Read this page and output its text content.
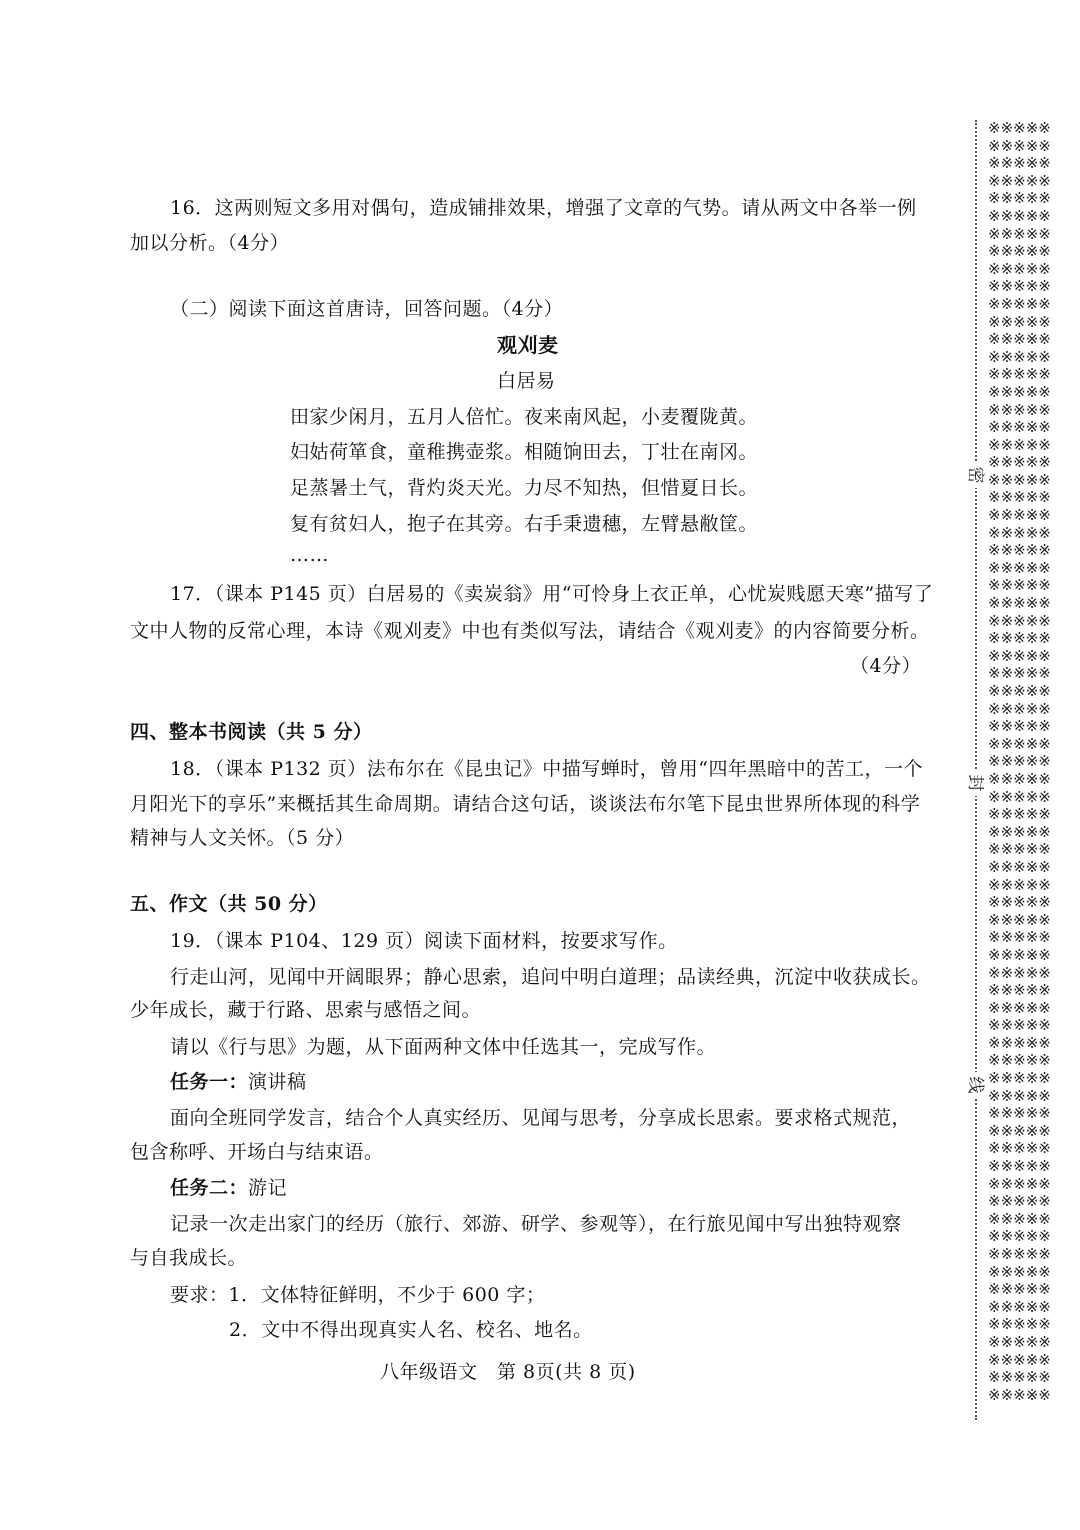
16．这两则短文多用对偶句，造成铺排效果，增强了文章的气势。请从两文中各举一例
加以分析。（4分）
（二）阅读下面这首唐诗，回答问题。（4分）
观刈麦
白居易
田家少闲月，五月人倍忙。夜来南风起，小麦覆陇黄。
妇姑荷箪食，童稚携壶浆。相随饷田去，丁壮在南冈。
足蒸暑土气，背灼炎天光。力尽不知热，但惜夏日长。
复有贫妇人，抱子在其旁。右手秉遗穗，左臂悬敝筐。
……
17．（课本 P145 页）白居易的《卖炭翁》用“可怜身上衣正单，心忧炭贱愿天寒”描写了
文中人物的反常心理，本诗《观刈麦》中也有类似写法，请结合《观刈麦》的内容简要分析。
（4分）
四、整本书阅读（共 5 分）
18．（课本 P132 页）法布尔在《昆虫记》中描写蝉时，曾用“四年黑暗中的苦工，一个
月阳光下的享乐”来概括其生命周期。请结合这句话，谈谈法布尔笔下昆虫世界所体现的科学
精神与人文关怀。（5 分）
五、作文（共 50 分）
19．（课本 P104、129 页）阅读下面材料，按要求写作。
行走山河，见闻中开阔眼界；静心思索，追问中明白道理；品读经典，沉淀中收获成长。
少年成长，藏于行路、思索与感悟之间。
请以《行与思》为题，从下面两种文体中任选其一，完成写作。
任务一：演讲稿
面向全班同学发言，结合个人真实经历、见闻与思考，分享成长思索。要求格式规范，
包含称呼、开场白与结束语。
任务二：游记
记录一次走出家门的经历（旅行、郊游、研学、参观等），在行旅见闻中写出独特观察
与自我成长。
要求：1．文体特征鲜明，不少于 600 字；
2．文中不得出现真实人名、校名、地名。
八年级语文　第 8页(共 8 页)
※※※※※
※※※※※
※※※※※
※※※※※
※※※※※
※※※※※
※※※※※
※※※※※
※※※※※
※※※※※
※※※※※
※※※※※
※※※※※
※※※※※
※※※※※
※※※※※
※※※※※
※※※※※
※※※※※
※※※※※
※※※※※
※※※※※
※※※※※
※※※※※
※※※※※
※※※※※
※※※※※
※※※※※
※※※※※
※※※※※
※※※※※
※※※※※
※※※※※
※※※※※
※※※※※
※※※※※
※※※※※
※※※※※
※※※※※
※※※※※
※※※※※
※※※※※
※※※※※
※※※※※
※※※※※
※※※※※
※※※※※
※※※※※
※※※※※
※※※※※
※※※※※
※※※※※
※※※※※
※※※※※
※※※※※
※※※※※
※※※※※
※※※※※
※※※※※
※※※※※
※※※※※
※※※※※
※※※※※
※※※※※
※※※※※
※※※※※
※※※※※
※※※※※
※※※※※
※※※※※
※※※※※
※※※※※
※※※※※
密
封
线
